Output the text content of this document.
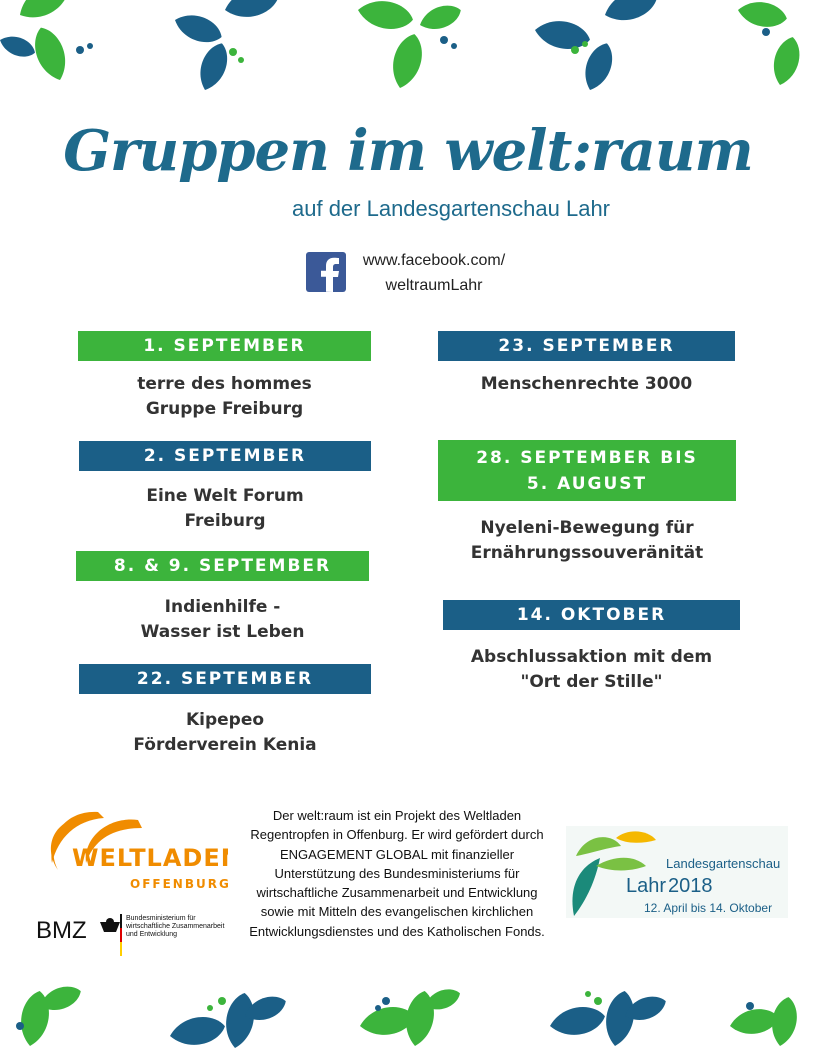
Gruppen im welt:raum
auf der Landesgartenschau Lahr
www.facebook.com/
weltraumLahr
1. SEPTEMBER
terre des hommes
Gruppe Freiburg
2. SEPTEMBER
Eine Welt Forum
Freiburg
8. & 9. SEPTEMBER
Indienhilfe -
Wasser ist Leben
22. SEPTEMBER
Kipepeo
Förderverein Kenia
23. SEPTEMBER
Menschenrechte 3000
28. SEPTEMBER BIS
5. AUGUST
Nyeleni-Bewegung für
Ernährungssouveränität
14. OKTOBER
Abschlussaktion mit dem
"Ort der Stille"
WELTLADEN
OFFENBURG
BMZ	Bundesministerium für
wirtschaftliche Zusammenarbeit
und Entwicklung
Der welt:raum ist ein Projekt des Weltladen Regentropfen in Offenburg. Er wird gefördert durch ENGAGEMENT GLOBAL mit finanzieller Unterstützung des Bundesministeriums für wirtschaftliche Zusammenarbeit und Entwicklung sowie mit Mitteln des evangelischen kirchlichen Entwicklungsdienstes und des Katholischen Fonds.
Landesgartenschau
Lahr 2018
12. April bis 14. Oktober
